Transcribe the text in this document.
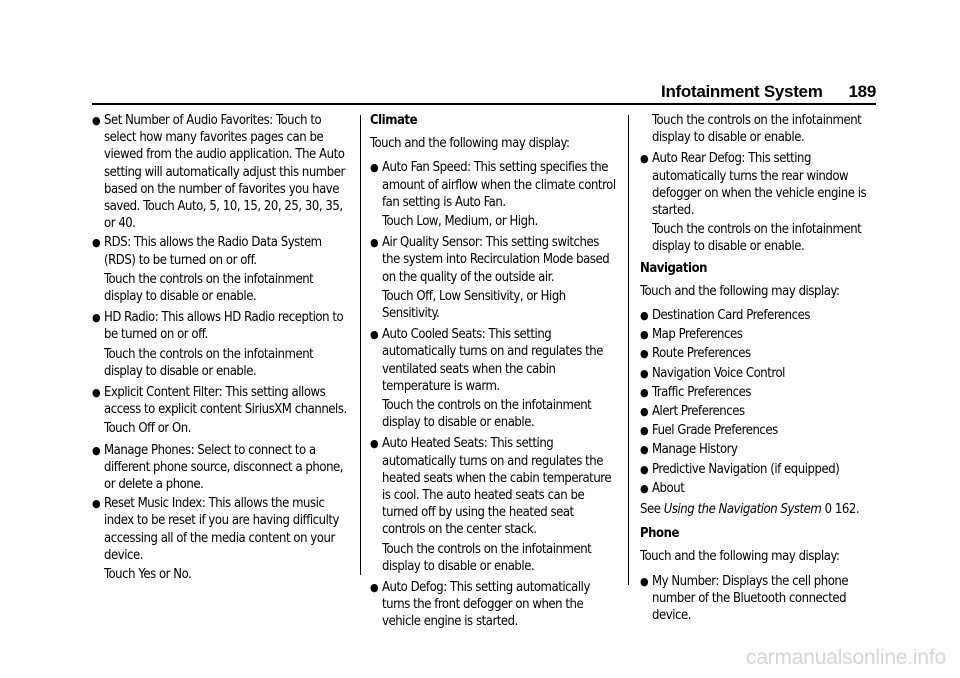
Infotainment System 189
● Set Number of Audio Favorites: Touch to select how many favorites pages can be viewed from the audio application. The Auto setting will automatically adjust this number based on the number of favorites you have saved. Touch Auto, 5, 10, 15, 20, 25, 30, 35, or 40.
● RDS: This allows the Radio Data System (RDS) to be turned on or off.
Touch the controls on the infotainment display to disable or enable.
● HD Radio: This allows HD Radio reception to be turned on or off.
Touch the controls on the infotainment display to disable or enable.
● Explicit Content Filter: This setting allows access to explicit content SiriusXM channels.
Touch Off or On.
● Manage Phones: Select to connect to a different phone source, disconnect a phone, or delete a phone.
● Reset Music Index: This allows the music index to be reset if you are having difficulty accessing all of the media content on your device.
Touch Yes or No.
Climate
Touch and the following may display:
● Auto Fan Speed: This setting specifies the amount of airflow when the climate control fan setting is Auto Fan.
Touch Low, Medium, or High.
● Air Quality Sensor: This setting switches the system into Recirculation Mode based on the quality of the outside air.
Touch Off, Low Sensitivity, or High Sensitivity.
● Auto Cooled Seats: This setting automatically turns on and regulates the ventilated seats when the cabin temperature is warm.
Touch the controls on the infotainment display to disable or enable.
● Auto Heated Seats: This setting automatically turns on and regulates the heated seats when the cabin temperature is cool. The auto heated seats can be turned off by using the heated seat controls on the center stack.
Touch the controls on the infotainment display to disable or enable.
● Auto Defog: This setting automatically turns the front defogger on when the vehicle engine is started.
Touch the controls on the infotainment display to disable or enable.
● Auto Rear Defog: This setting automatically turns the rear window defogger on when the vehicle engine is started.
Touch the controls on the infotainment display to disable or enable.
Navigation
Touch and the following may display:
● Destination Card Preferences
● Map Preferences
● Route Preferences
● Navigation Voice Control
● Traffic Preferences
● Alert Preferences
● Fuel Grade Preferences
● Manage History
● Predictive Navigation (if equipped)
● About
See Using the Navigation System 0 162.
Phone
Touch and the following may display:
● My Number: Displays the cell phone number of the Bluetooth connected device.
carmanualsonline.info
